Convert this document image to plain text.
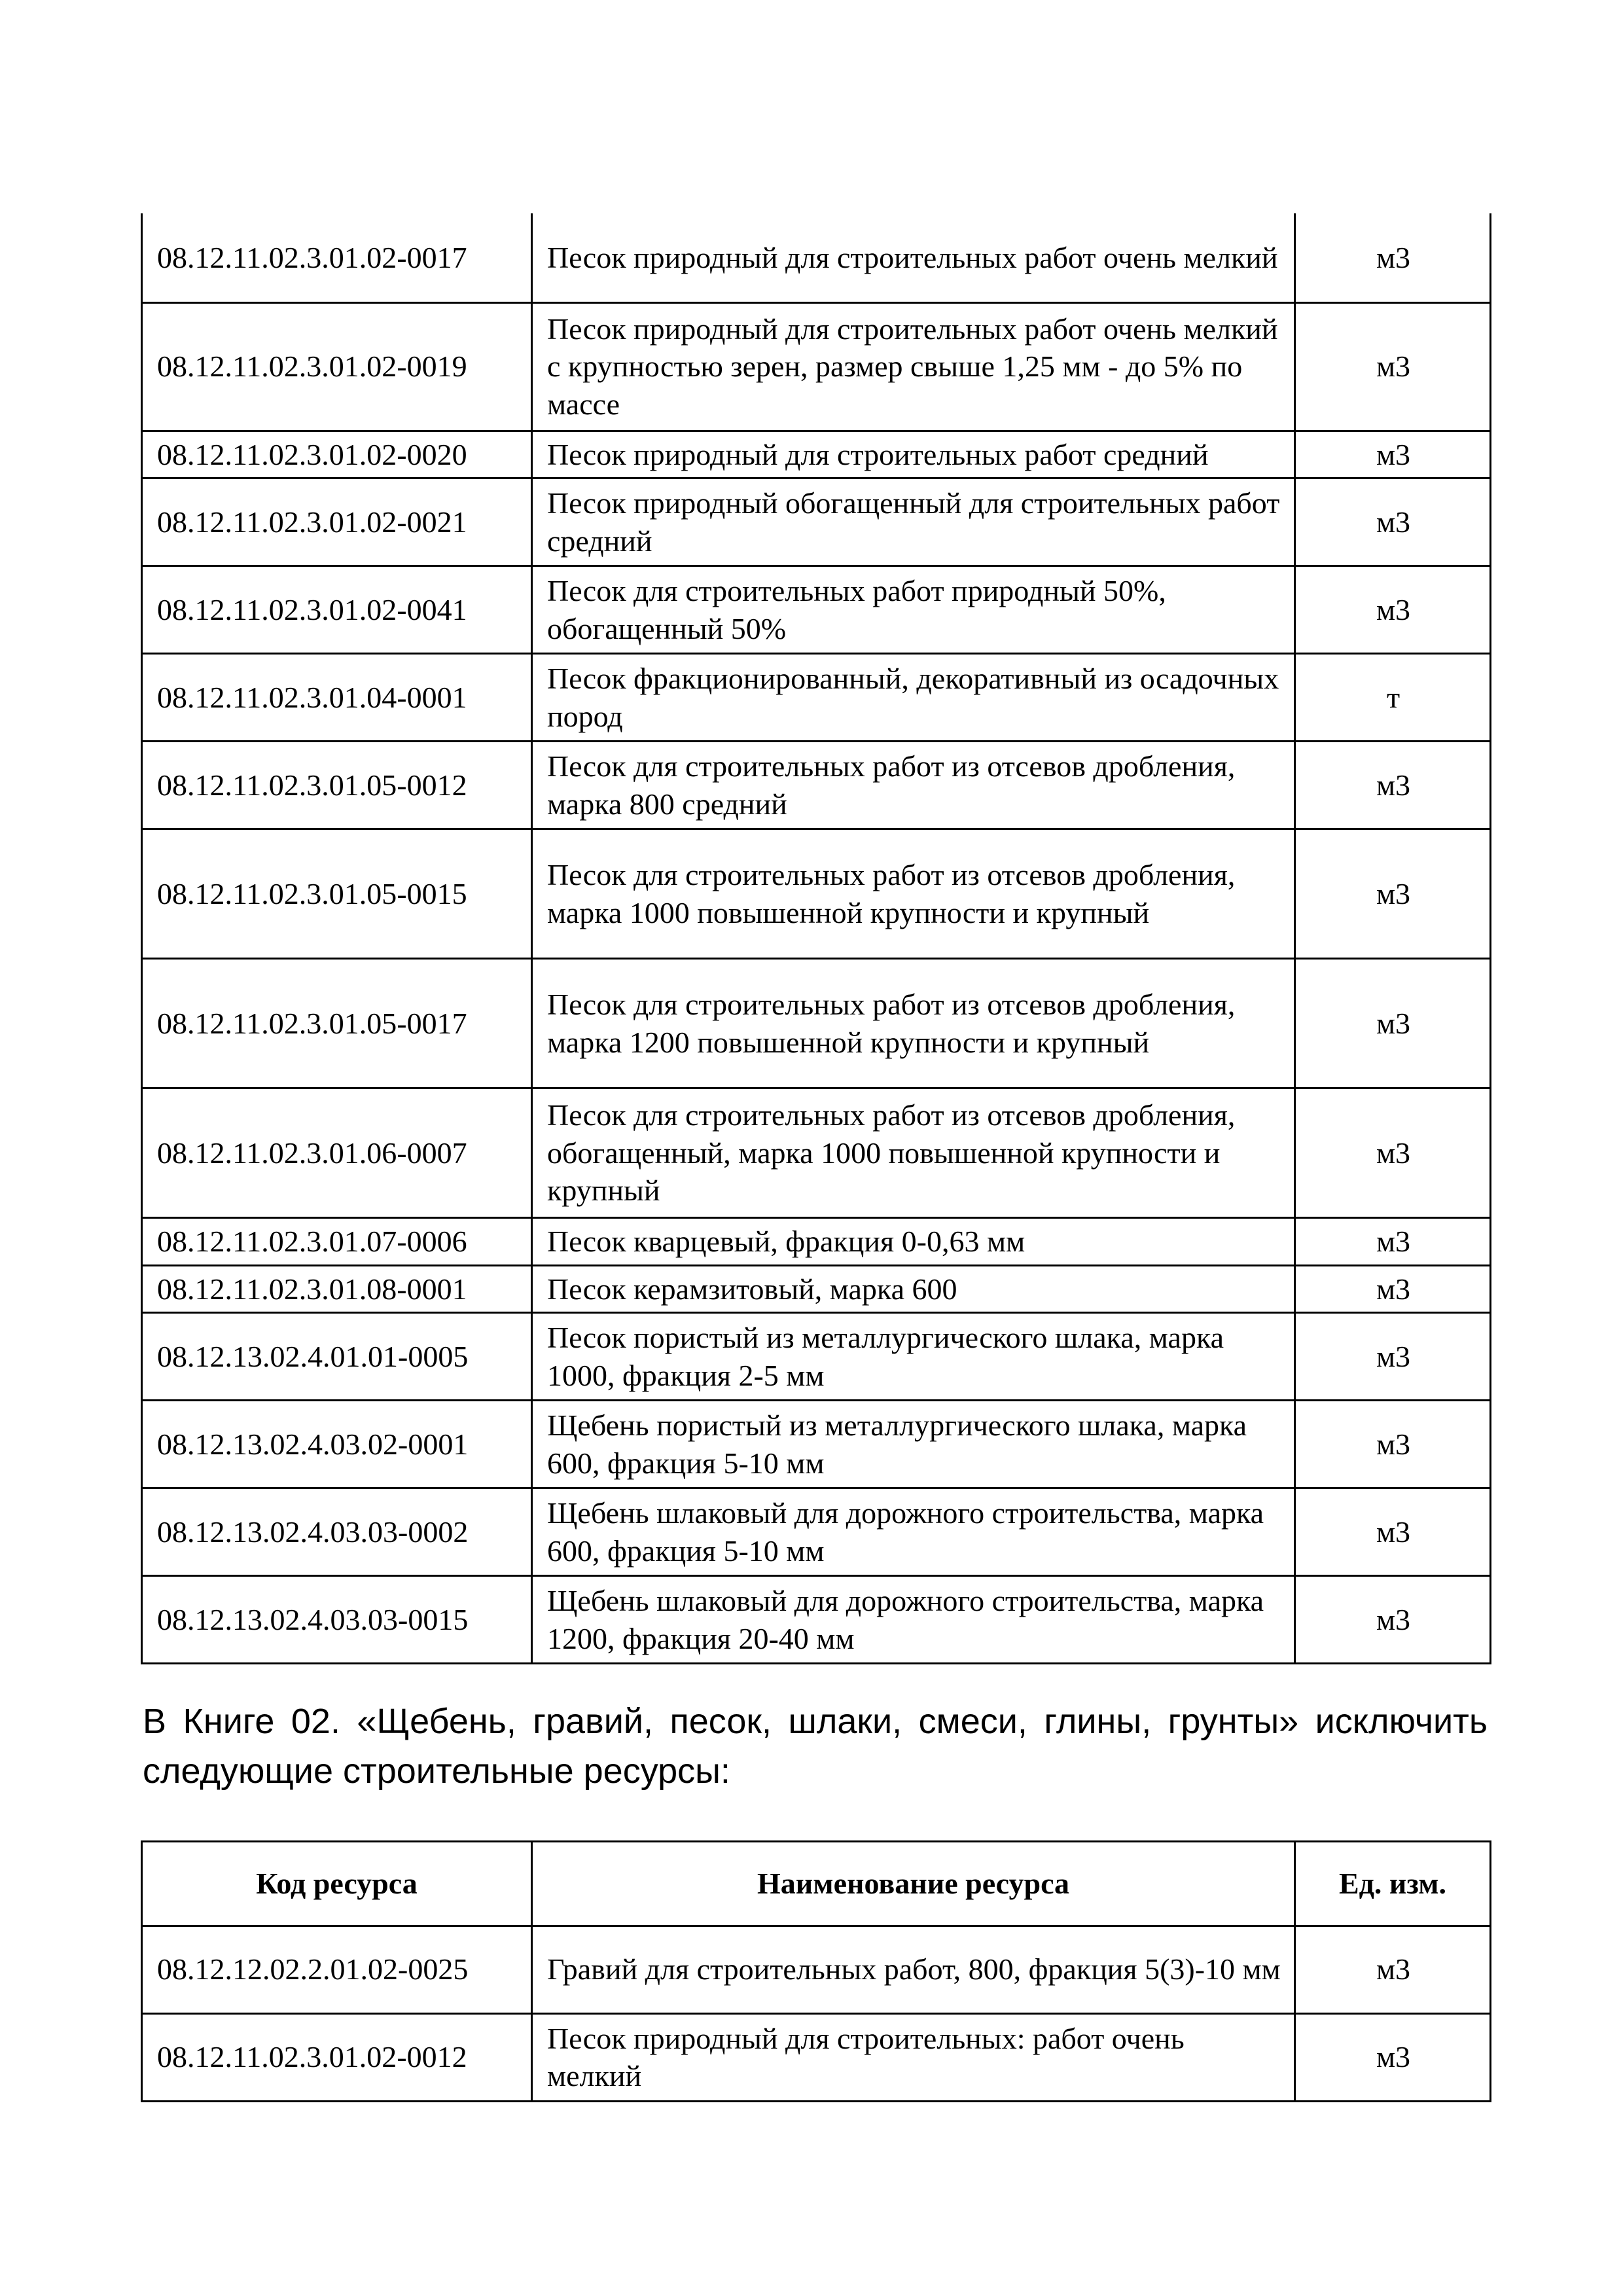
08.12.11.02.3.01.02-0017	Песок природный для строительных работ очень мелкий	м3
08.12.11.02.3.01.02-0019	Песок природный для строительных работ очень мелкий с крупностью зерен, размер свыше 1,25 мм - до 5% по массе	м3
08.12.11.02.3.01.02-0020	Песок природный для строительных работ средний	м3
08.12.11.02.3.01.02-0021	Песок природный обогащенный для строительных работ средний	м3
08.12.11.02.3.01.02-0041	Песок для строительных работ природный 50%, обогащенный 50%	м3
08.12.11.02.3.01.04-0001	Песок фракционированный, декоративный из осадочных пород	т
08.12.11.02.3.01.05-0012	Песок для строительных работ из отсевов дробления, марка 800 средний	м3
08.12.11.02.3.01.05-0015	Песок для строительных работ из отсевов дробления, марка 1000 повышенной крупности и крупный	м3
08.12.11.02.3.01.05-0017	Песок для строительных работ из отсевов дробления, марка 1200 повышенной крупности и крупный	м3
08.12.11.02.3.01.06-0007	Песок для строительных работ из отсевов дробления, обогащенный, марка 1000 повышенной крупности и крупный	м3
08.12.11.02.3.01.07-0006	Песок кварцевый, фракция 0-0,63 мм	м3
08.12.11.02.3.01.08-0001	Песок керамзитовый, марка 600	м3
08.12.13.02.4.01.01-0005	Песок пористый из металлургического шлака, марка 1000, фракция 2-5 мм	м3
08.12.13.02.4.03.02-0001	Щебень пористый из металлургического шлака, марка 600, фракция 5-10 мм	м3
08.12.13.02.4.03.03-0002	Щебень шлаковый для дорожного строительства, марка 600, фракция 5-10 мм	м3
08.12.13.02.4.03.03-0015	Щебень шлаковый для дорожного строительства, марка 1200, фракция 20-40 мм	м3

В Книге 02. «Щебень, гравий, песок, шлаки, смеси, глины, грунты» исключить следующие строительные ресурсы:

Код ресурса	Наименование ресурса	Ед. изм.
08.12.12.02.2.01.02-0025	Гравий для строительных работ, 800, фракция 5(3)-10 мм	м3
08.12.11.02.3.01.02-0012	Песок природный для строительных: работ очень мелкий	м3
